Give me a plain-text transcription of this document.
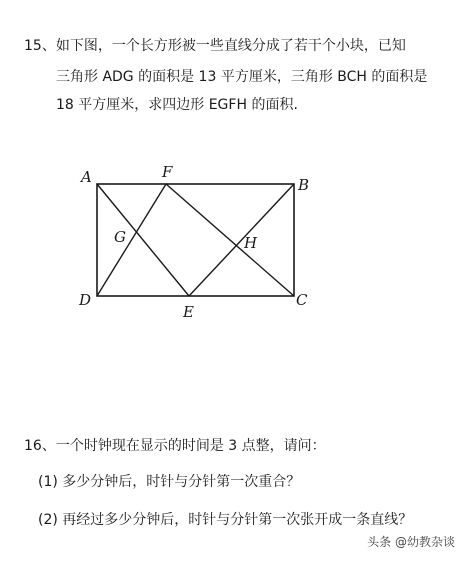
15、如下图，一个长方形被一些直线分成了若干个小块，已知
三角形 ADG 的面积是 13 平方厘米，三角形 BCH 的面积是
18 平方厘米，求四边形 EGFH 的面积.
A	F
B
G	H
D	C
E
16、一个时钟现在显示的时间是 3 点整，请问：
(1) 多少分钟后，时针与分针第一次重合？
(2) 再经过多少分钟后，时针与分针第一次张开成一条直线？
头条 @幼教杂谈
